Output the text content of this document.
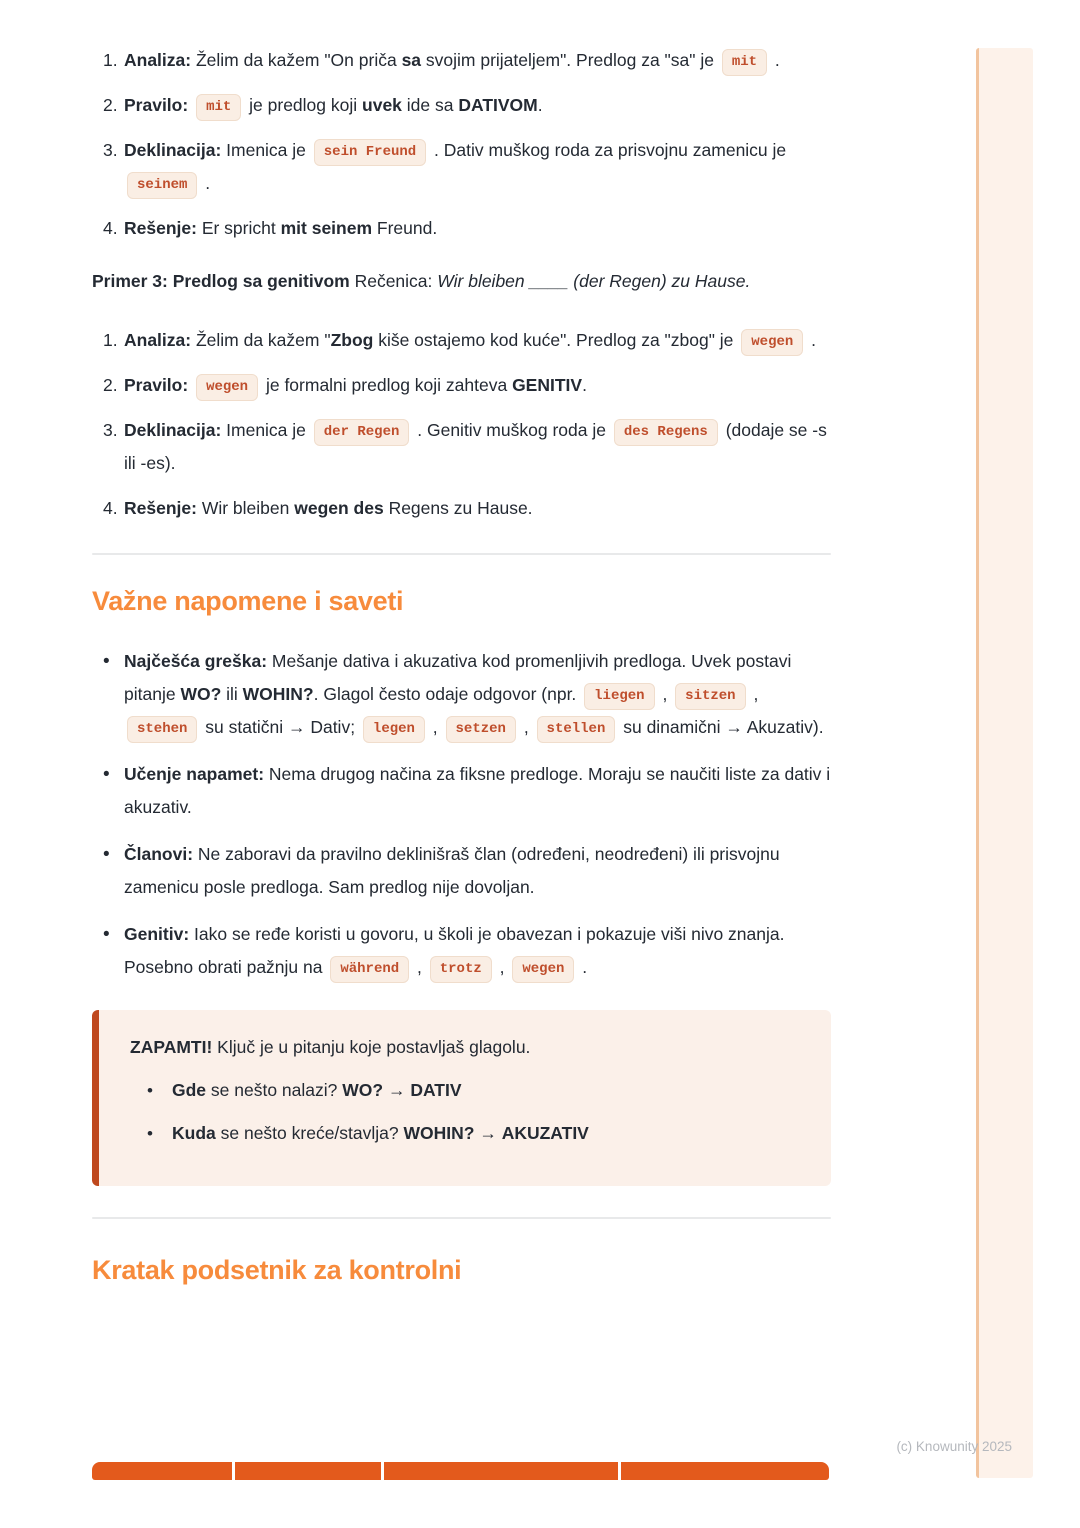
1. Analiza: Želim da kažem "On priča sa svojim prijateljem". Predlog za "sa" je mit .
2. Pravilo: mit je predlog koji uvek ide sa DATIVOM.
3. Deklinacija: Imenica je sein Freund . Dativ muškog roda za prisvojnu zamenicu je seinem .
4. Rešenje: Er spricht mit seinem Freund.

Primer 3: Predlog sa genitivom Rečenica: Wir bleiben ____ (der Regen) zu Hause.

1. Analiza: Želim da kažem "Zbog kiše ostajemo kod kuće". Predlog za "zbog" je wegen .
2. Pravilo: wegen je formalni predlog koji zahteva GENITIV.
3. Deklinacija: Imenica je der Regen . Genitiv muškog roda je des Regens (dodaje se -s ili -es).
4. Rešenje: Wir bleiben wegen des Regens zu Hause.
Važne napomene i saveti
• Najčešća greška: Mešanje dativa i akuzativa kod promenljivih predloga. Uvek postavi pitanje WO? ili WOHIN?. Glagol često odaje odgovor (npr. liegen , sitzen , stehen su statični → Dativ; legen , setzen , stellen su dinamični → Akuzativ).
• Učenje napamet: Nema drugog načina za fiksne predloge. Moraju se naučiti liste za dativ i akuzativ.
• Članovi: Ne zaboravi da pravilno deklinišraš član (određeni, neodređeni) ili prisvojnu zamenicu posle predloga. Sam predlog nije dovoljan.
• Genitiv: Iako se ređe koristi u govoru, u školi je obavezan i pokazuje viši nivo znanja. Posebno obrati pažnju na während , trotz , wegen .

ZAPAMTI! Ključ je u pitanju koje postavljaš glagolu.

•	Gde se nešto nalazi? WO? → DATIV
•	Kuda se nešto kreće/stavlja? WOHIN? → AKUZATIV
Kratak podsetnik za kontrolni
(c) Knowunity 2025
